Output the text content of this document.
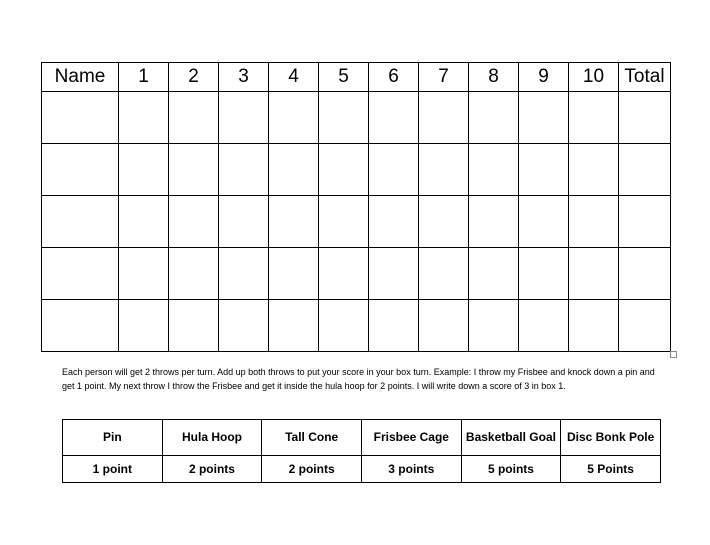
Name	1	2	3	4	5	6	7	8	9	10	Total

Each person will get 2 throws per turn. Add up both throws to put your score in your box turn. Example: I throw my Frisbee and knock down a pin and get 1 point. My next throw I throw the Frisbee and get it inside the hula hoop for 2 points. I will write down a score of 3 in box 1.
Pin	Hula Hoop	Tall Cone	Frisbee Cage	Basketball Goal	Disc Bonk Pole
1 point	2 points	2 points	3 points	5 points	5 Points
